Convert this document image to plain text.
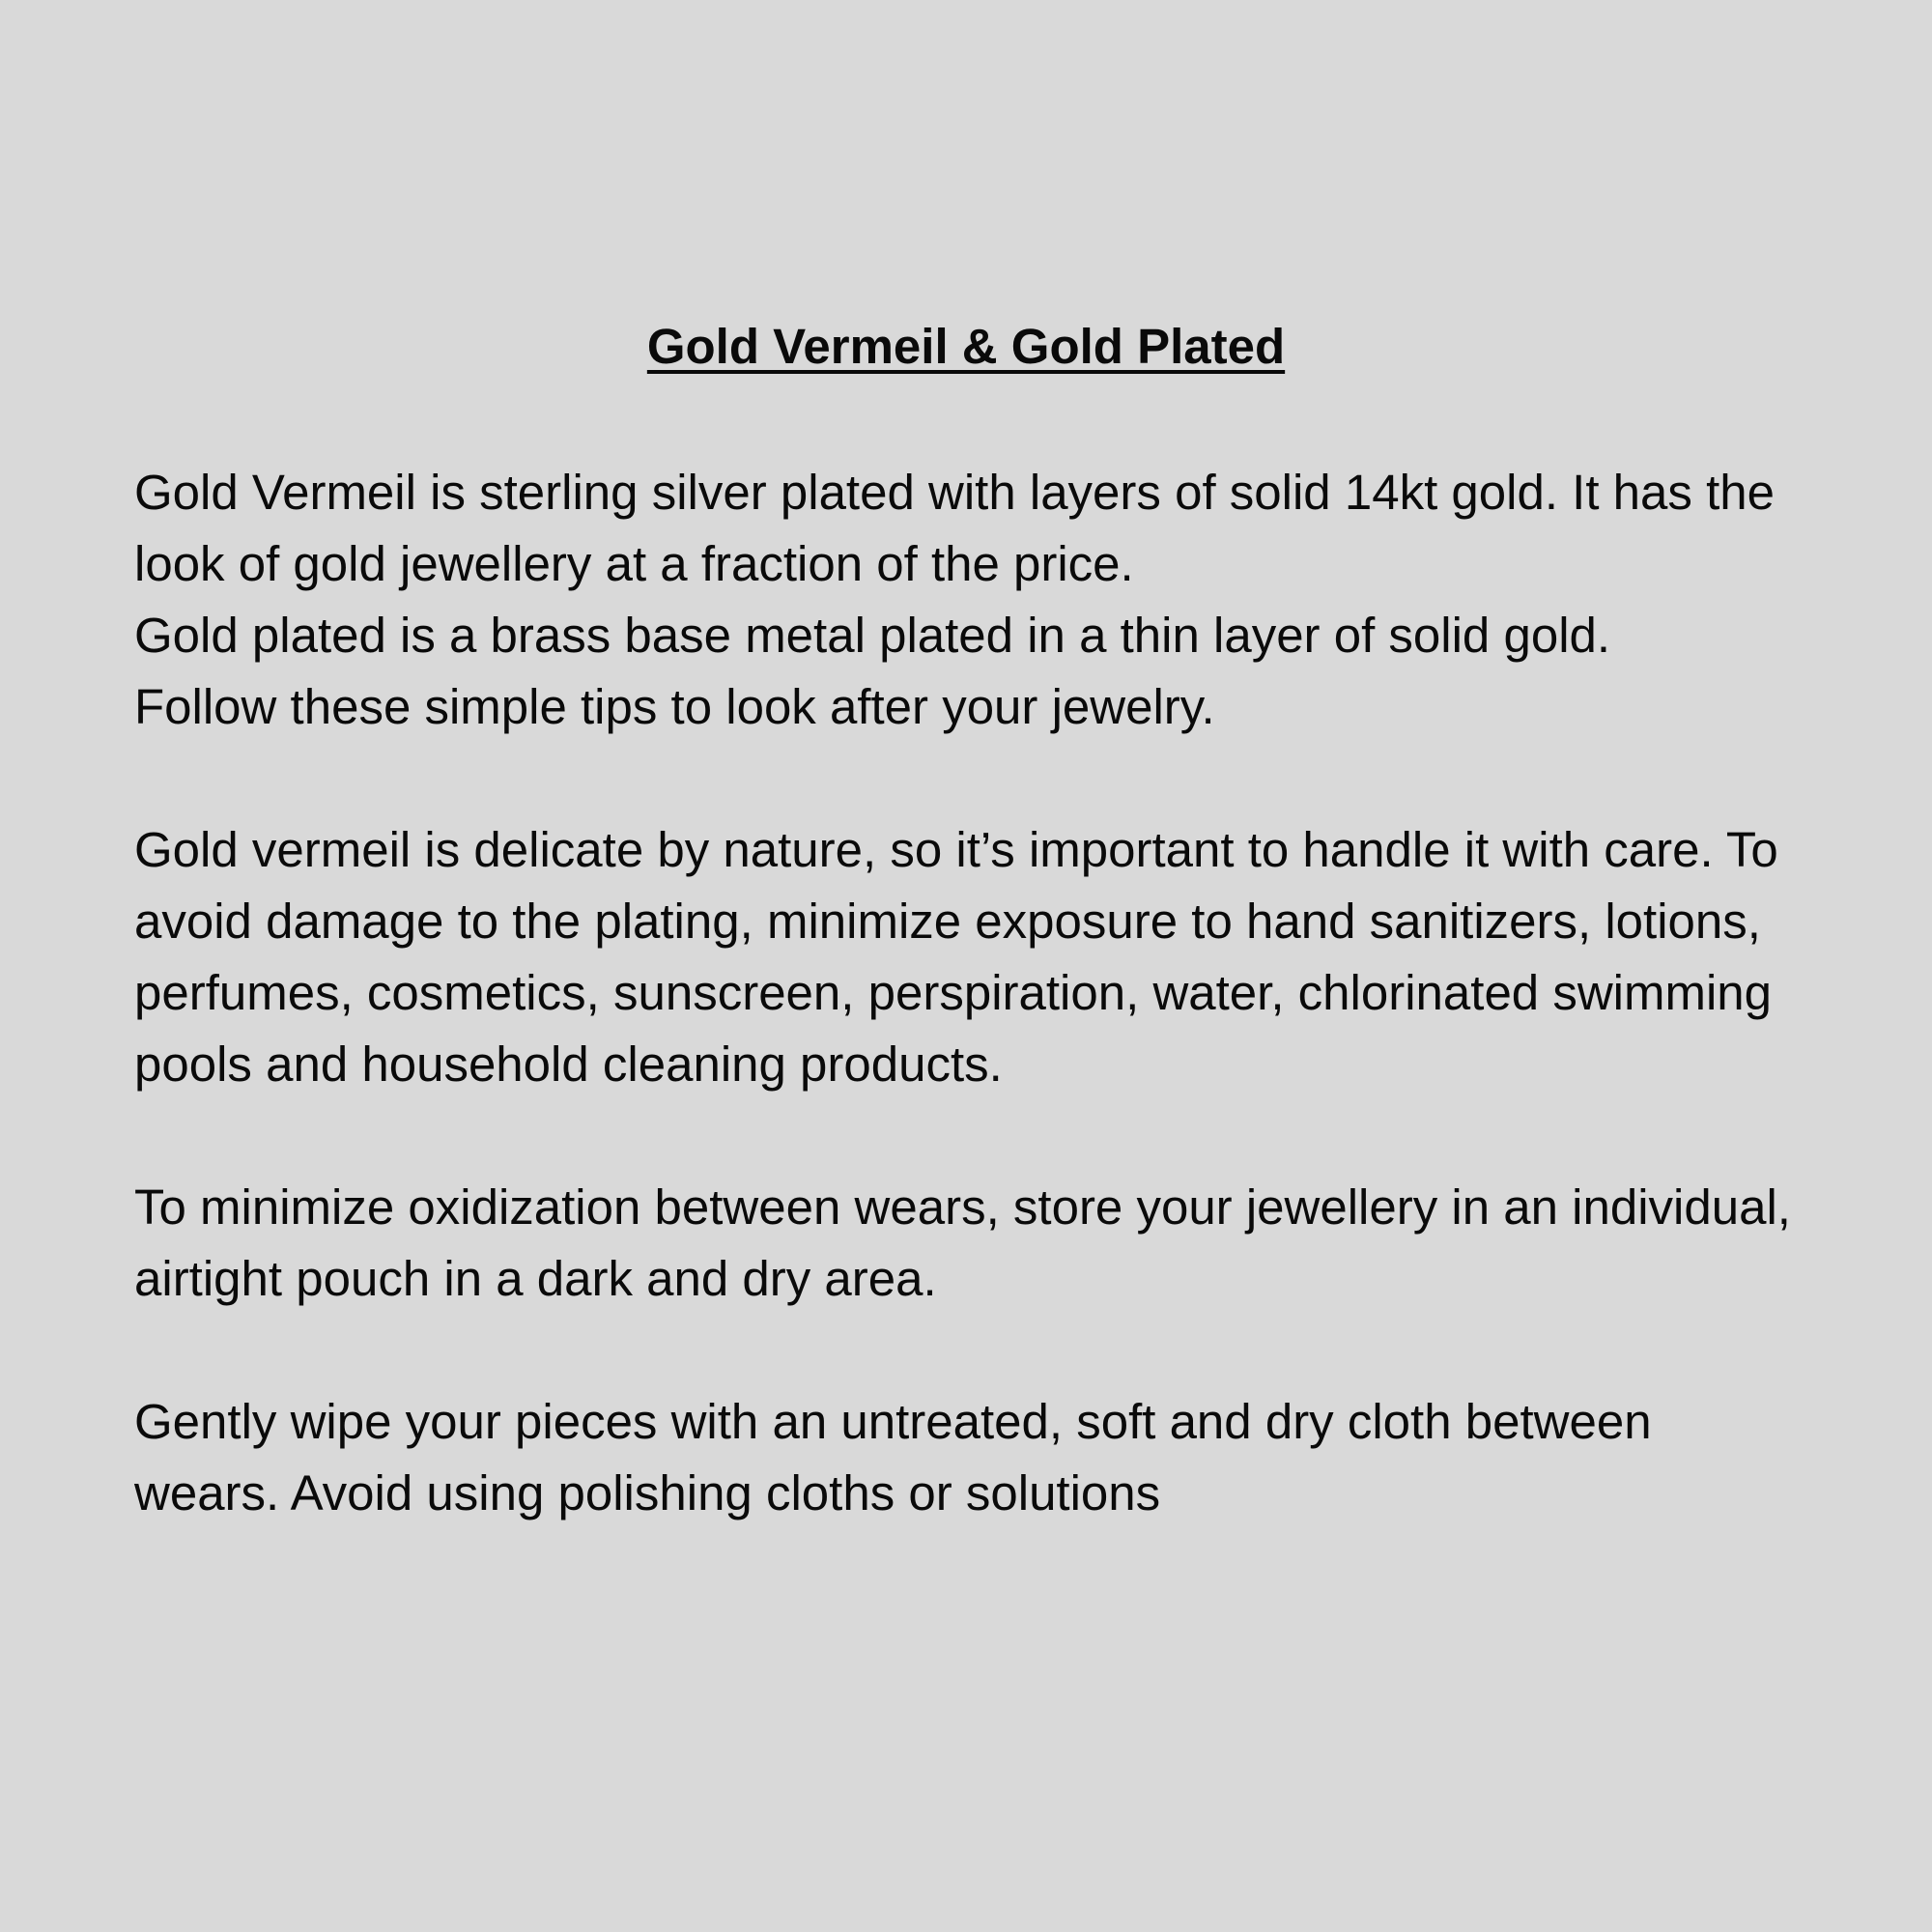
Gold Vermeil & Gold Plated

Gold Vermeil is sterling silver plated with layers of solid 14kt gold. It has the look of gold jewellery at a fraction of the price.

Gold plated is a brass base metal plated in a thin layer of solid gold.

Follow these simple tips to look after your jewelry.

Gold vermeil is delicate by nature, so it’s important to handle it with care. To avoid damage to the plating, minimize exposure to hand sanitizers, lotions, perfumes, cosmetics, sunscreen, perspiration, water, chlorinated swimming pools and household cleaning products.

To minimize oxidization between wears, store your jewellery in an individual, airtight pouch in a dark and dry area.

Gently wipe your pieces with an untreated, soft and dry cloth between wears. Avoid using polishing cloths or solutions
